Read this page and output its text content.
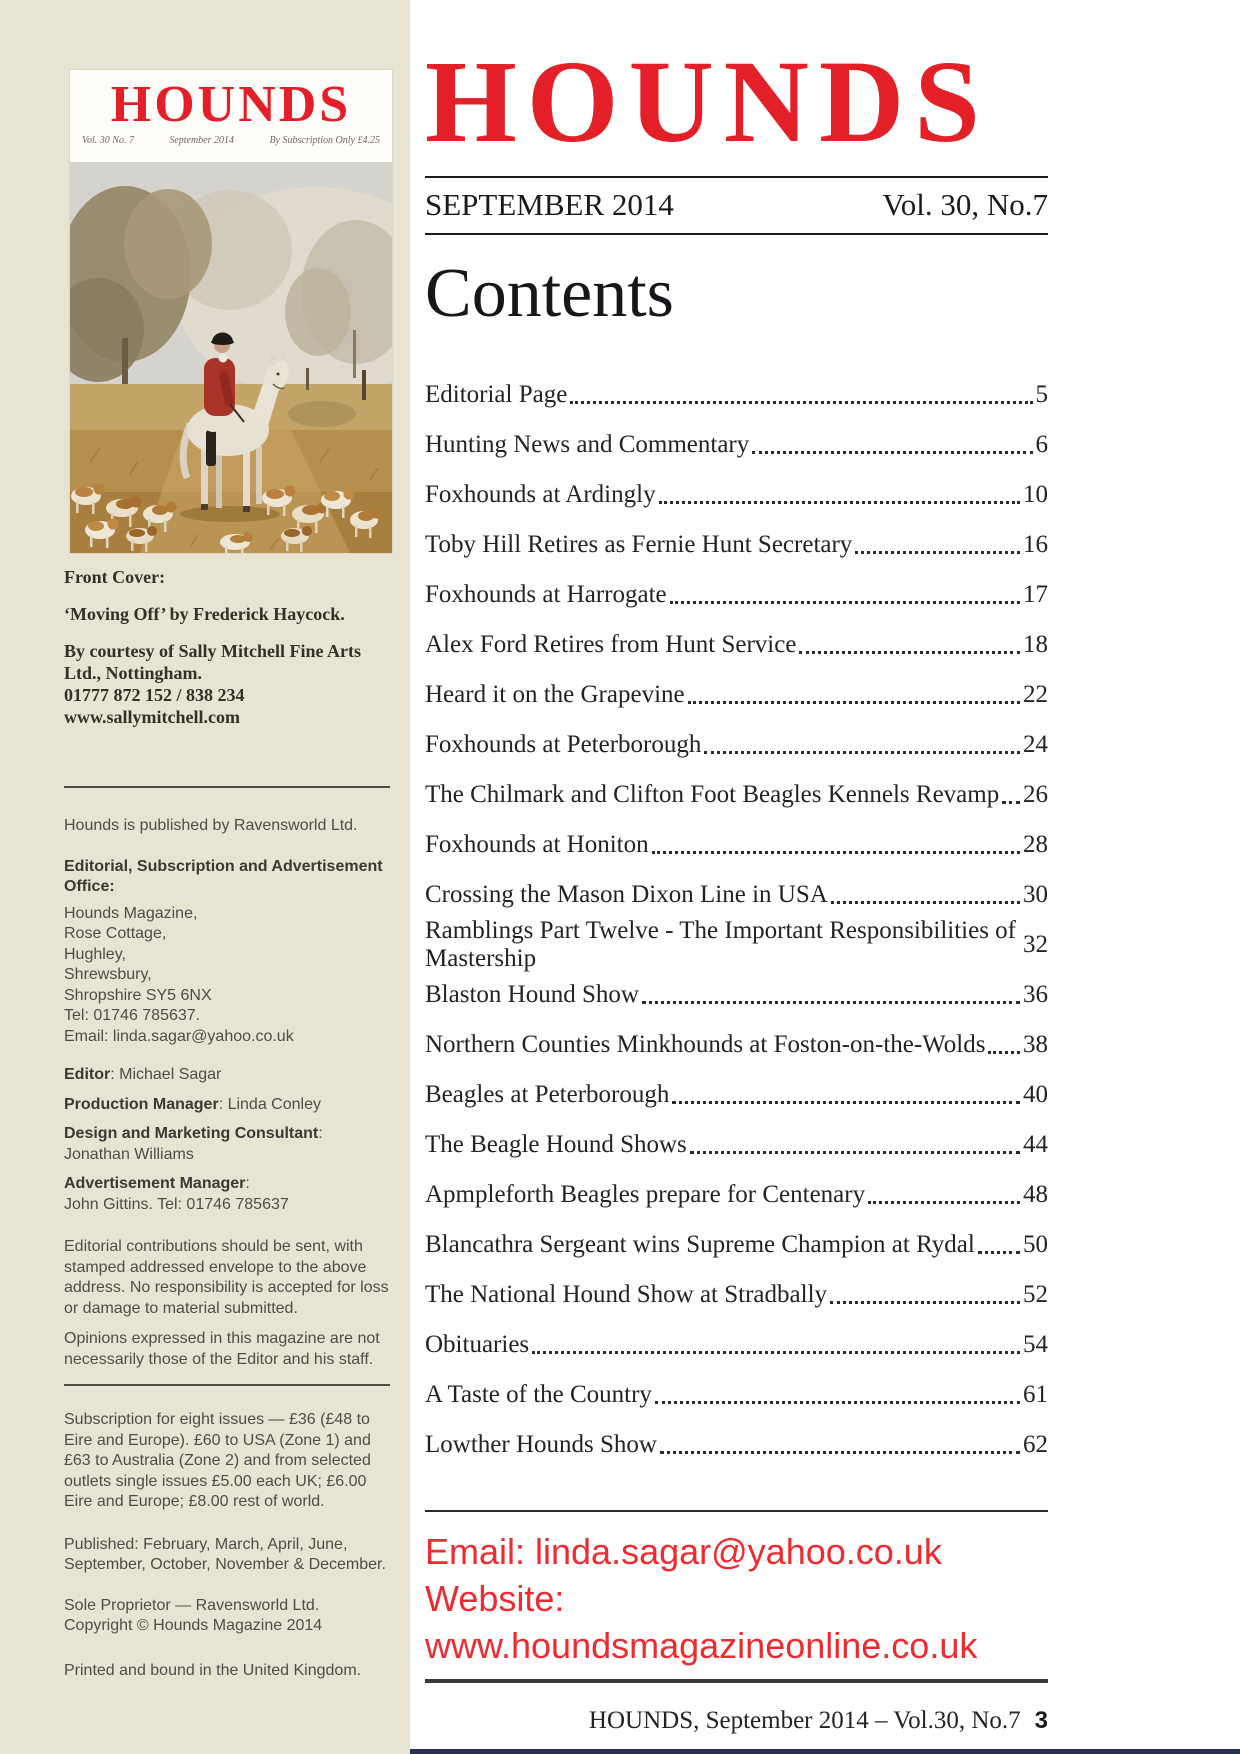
HOUNDS
Vol. 30 No. 7	September 2014	By Subscription Only £4.25
Front Cover:
‘Moving Off’ by Frederick Haycock.
By courtesy of Sally Mitchell Fine Arts Ltd., Nottingham.
01777 872 152 / 838 234
www.sallymitchell.com
Hounds is published by Ravensworld Ltd.
Editorial, Subscription and Advertisement Office:
Hounds Magazine,
Rose Cottage,
Hughley,
Shrewsbury,
Shropshire SY5 6NX
Tel: 01746 785637.
Email: linda.sagar@yahoo.co.uk
Editor: Michael Sagar
Production Manager: Linda Conley
Design and Marketing Consultant:
Jonathan Williams
Advertisement Manager:
John Gittins. Tel: 01746 785637
Editorial contributions should be sent, with stamped addressed envelope to the above address. No responsibility is accepted for loss or damage to material submitted.
Opinions expressed in this magazine are not necessarily those of the Editor and his staff.
Subscription for eight issues — £36 (£48 to Eire and Europe). £60 to USA (Zone 1) and £63 to Australia (Zone 2) and from selected outlets single issues £5.00 each UK; £6.00 Eire and Europe; £8.00 rest of world.
Published: February, March, April, June, September, October, November & December.
Sole Proprietor — Ravensworld Ltd.
Copyright © Hounds Magazine 2014
Printed and bound in the United Kingdom.
HOUNDS
SEPTEMBER 2014	Vol. 30, No.7
Contents
Editorial Page	5
Hunting News and Commentary	6
Foxhounds at Ardingly	10
Toby Hill Retires as Fernie Hunt Secretary	16
Foxhounds at Harrogate	17
Alex Ford Retires from Hunt Service	18
Heard it on the Grapevine	22
Foxhounds at Peterborough	24
The Chilmark and Clifton Foot Beagles Kennels Revamp 26
Foxhounds at Honiton	28
Crossing the Mason Dixon Line in USA	30
Ramblings Part Twelve - The Important Responsibilities of Mastership
32
Blaston Hound Show	36
Northern Counties Minkhounds at Foston-on-the-Wolds 38
Beagles at Peterborough	40
The Beagle Hound Shows	44
Apmpleforth Beagles prepare for Centenary	48
Blancathra Sergeant wins Supreme Champion at Rydal 50
The National Hound Show at Stradbally	52
Obituaries	54
A Taste of the Country	61
Lowther Hounds Show	62
Email: linda.sagar@yahoo.co.uk
Website: www.houndsmagazineonline.co.uk
HOUNDS, September 2014 – Vol.30, No.7 3
